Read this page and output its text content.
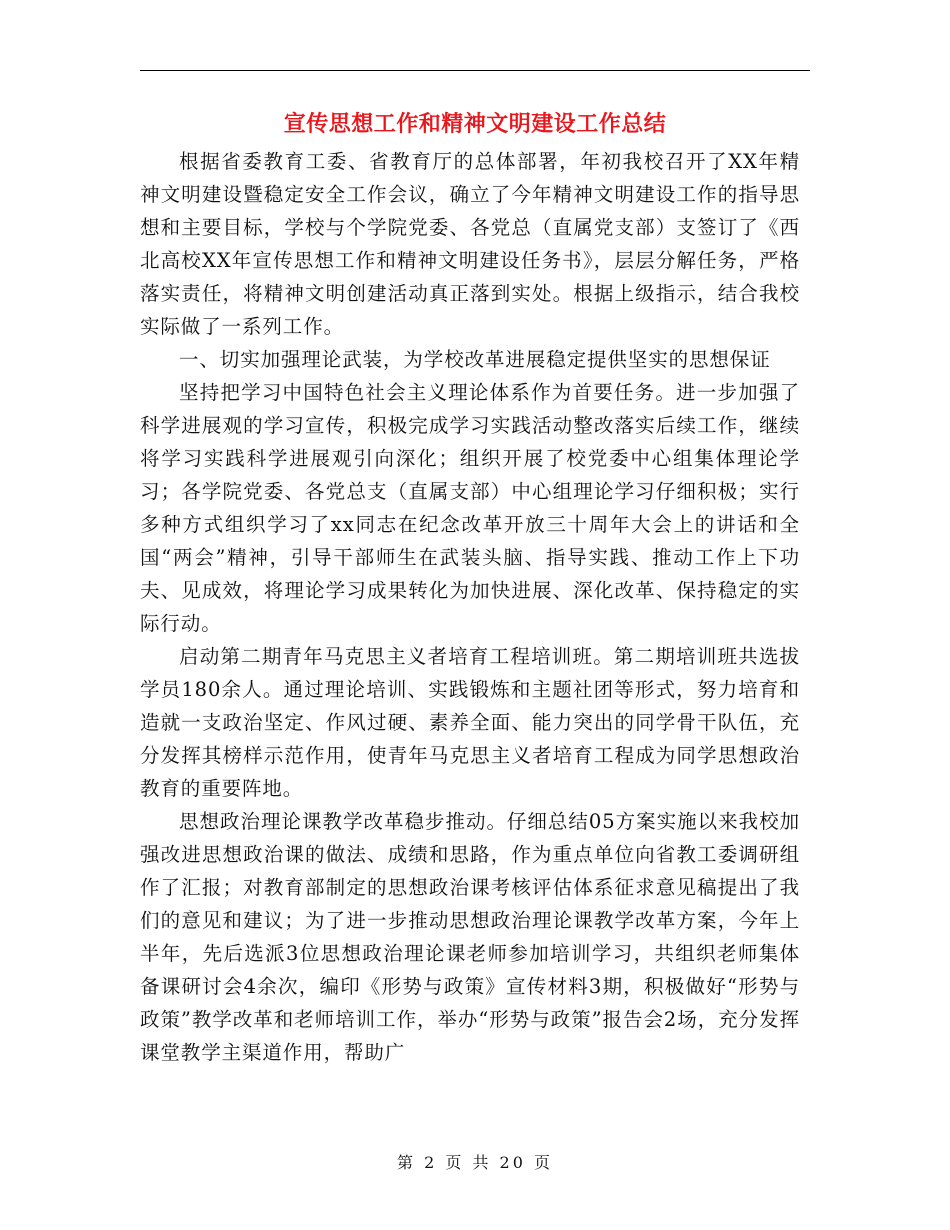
宣传思想工作和精神文明建设工作总结

根据省委教育工委、省教育厅的总体部署，年初我校召开了XX年精神文明建设暨稳定安全工作会议，确立了今年精神文明建设工作的指导思想和主要目标，学校与个学院党委、各党总（直属党支部）支签订了《西北高校XX年宣传思想工作和精神文明建设任务书》，层层分解任务，严格落实责任，将精神文明创建活动真正落到实处。根据上级指示，结合我校实际做了一系列工作。

一、切实加强理论武装，为学校改革进展稳定提供坚实的思想保证

坚持把学习中国特色社会主义理论体系作为首要任务。进一步加强了科学进展观的学习宣传，积极完成学习实践活动整改落实后续工作，继续将学习实践科学进展观引向深化；组织开展了校党委中心组集体理论学习；各学院党委、各党总支（直属支部）中心组理论学习仔细积极；实行多种方式组织学习了xx同志在纪念改革开放三十周年大会上的讲话和全国“两会”精神，引导干部师生在武装头脑、指导实践、推动工作上下功夫、见成效，将理论学习成果转化为加快进展、深化改革、保持稳定的实际行动。

启动第二期青年马克思主义者培育工程培训班。第二期培训班共选拔学员180余人。通过理论培训、实践锻炼和主题社团等形式，努力培育和造就一支政治坚定、作风过硬、素养全面、能力突出的同学骨干队伍，充分发挥其榜样示范作用，使青年马克思主义者培育工程成为同学思想政治教育的重要阵地。

思想政治理论课教学改革稳步推动。仔细总结05方案实施以来我校加强改进思想政治课的做法、成绩和思路，作为重点单位向省教工委调研组作了汇报；对教育部制定的思想政治课考核评估体系征求意见稿提出了我们的意见和建议；为了进一步推动思想政治理论课教学改革方案，今年上半年，先后选派3位思想政治理论课老师参加培训学习，共组织老师集体备课研讨会4余次，编印《形势与政策》宣传材料3期，积极做好“形势与政策”教学改革和老师培训工作，举办“形势与政策”报告会2场，充分发挥课堂教学主渠道作用，帮助广

第 2 页 共 20 页
